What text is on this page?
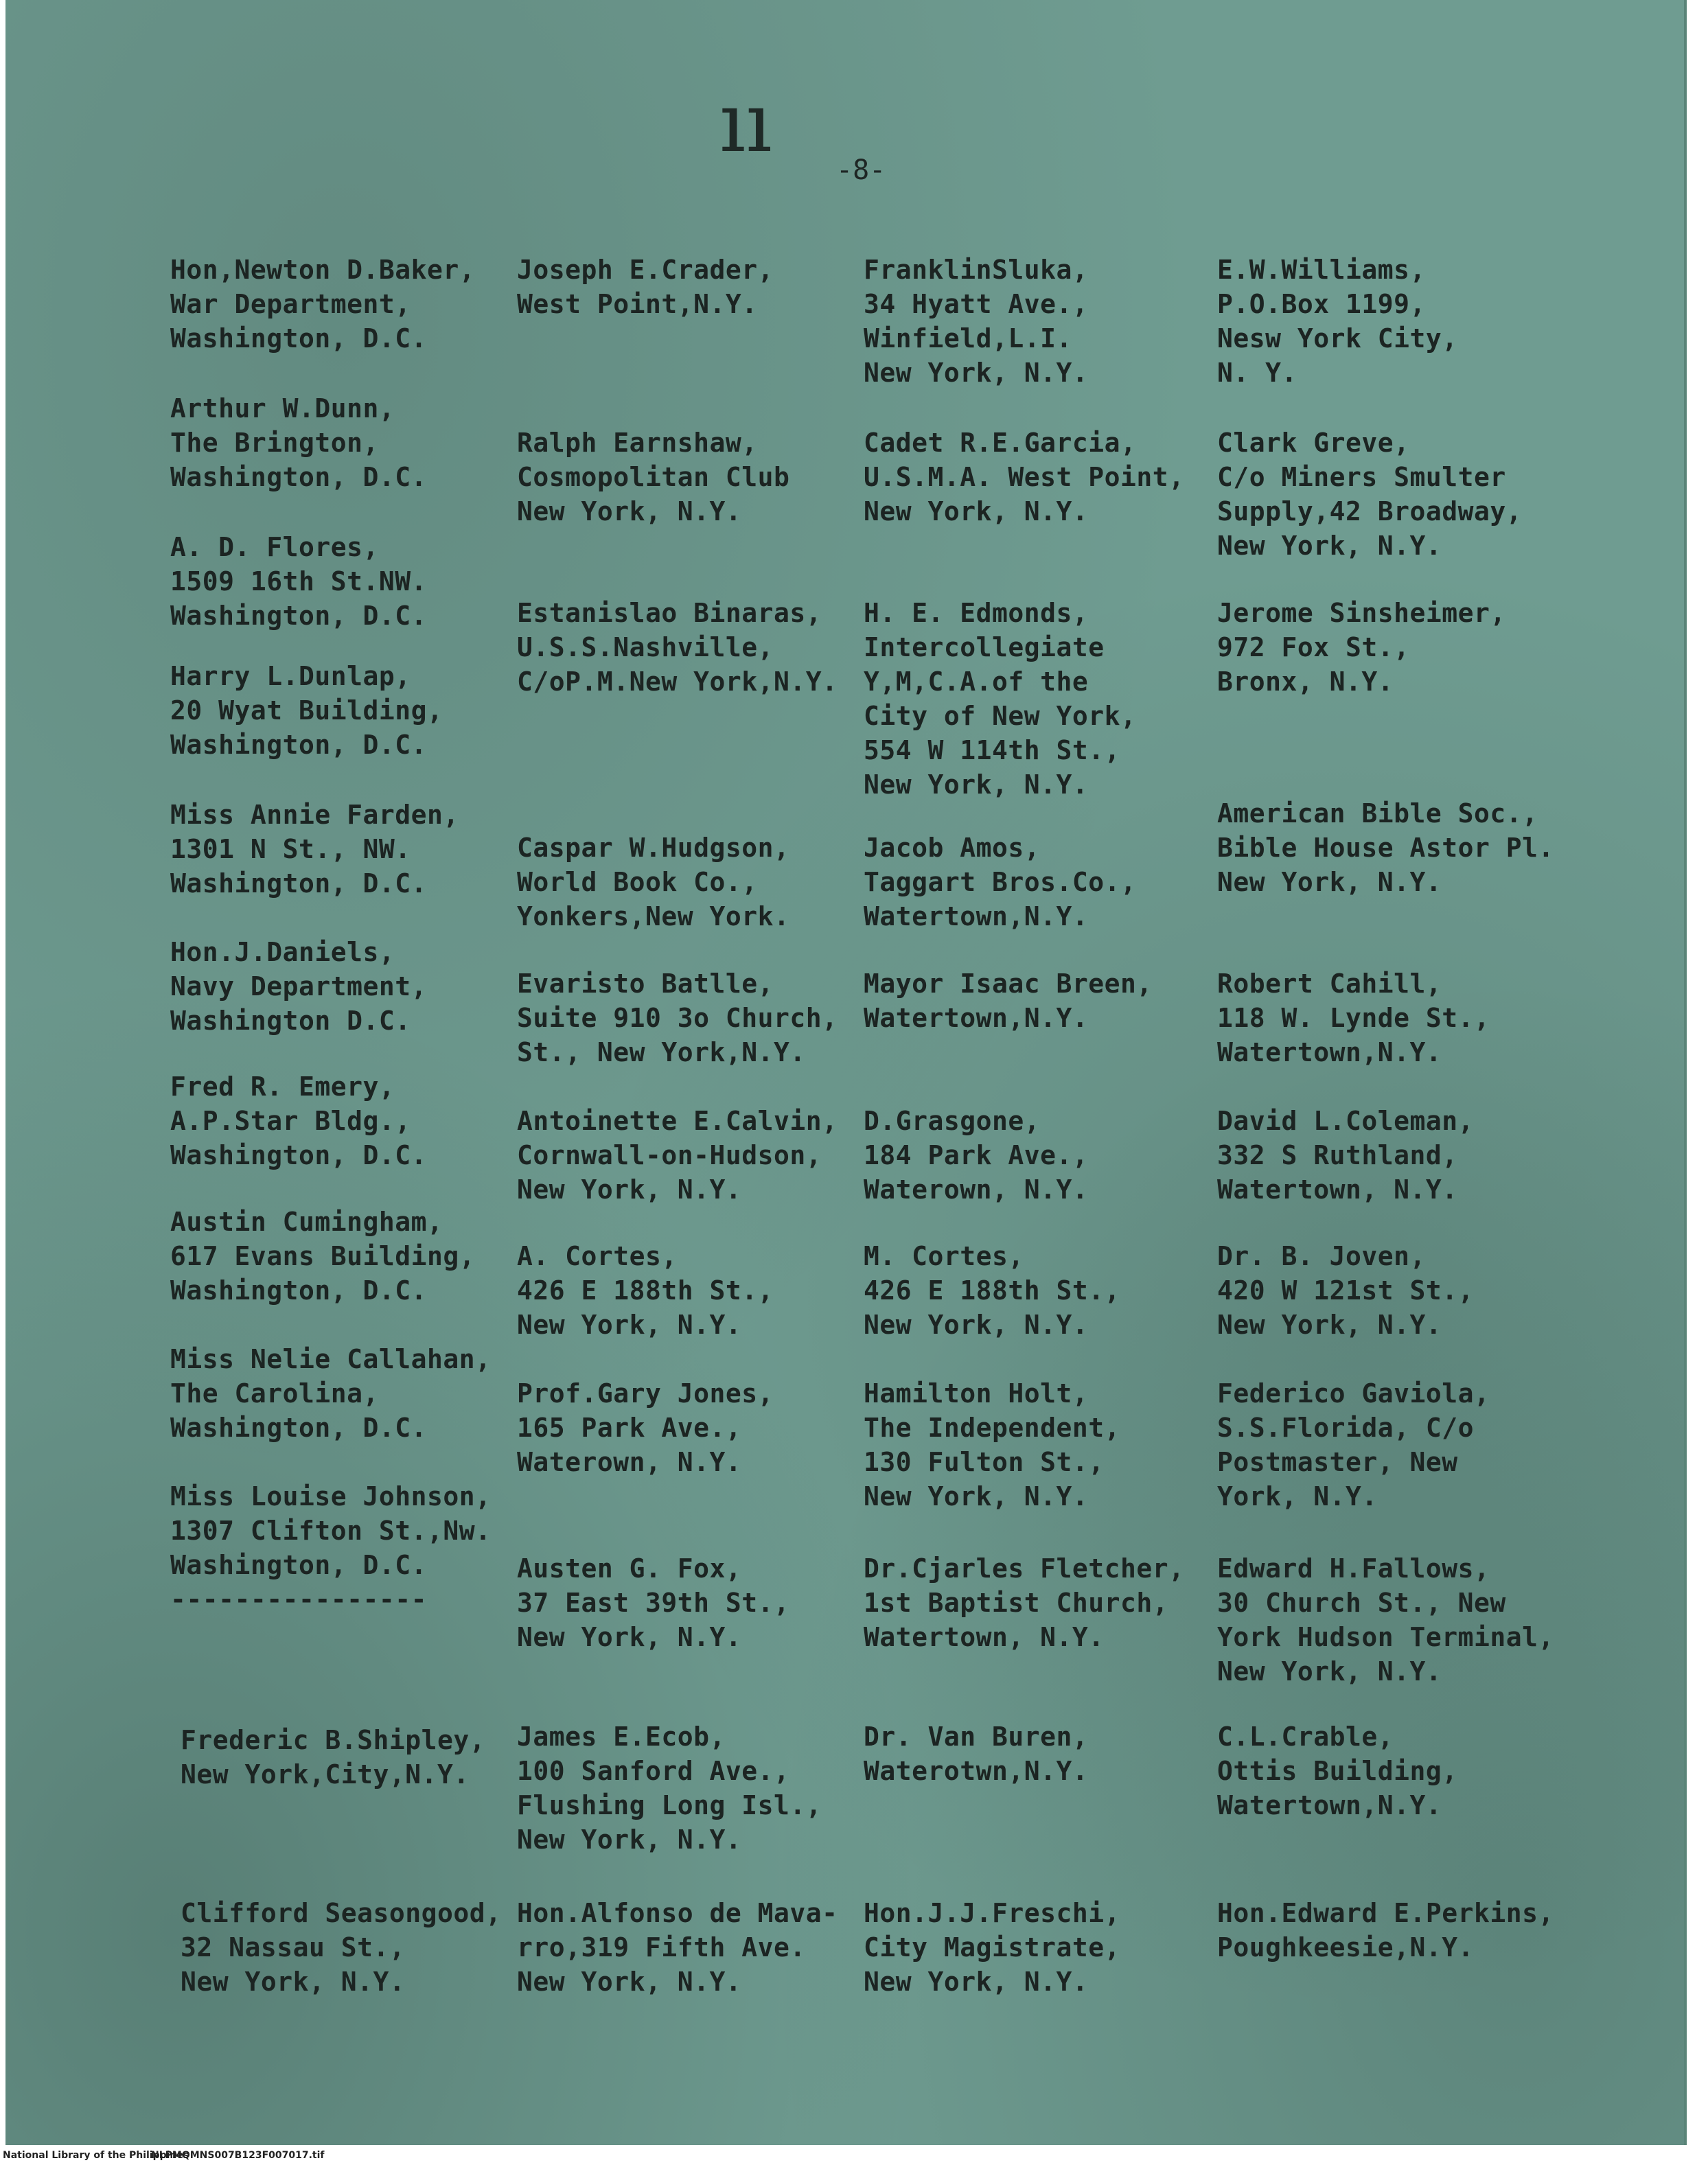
ıı -8-
Hon,Newton D.Baker,
War Department,
Washington, D.C.
Arthur W.Dunn,
The Brington,
Washington, D.C.
A. D. Flores,
1509 16th St.NW.
Washington, D.C.
Harry L.Dunlap,
20 Wyat Building,
Washington, D.C.
Miss Annie Farden,
1301 N St., NW.
Washington, D.C.
Hon.J.Daniels,
Navy Department,
Washington D.C.
Fred R. Emery,
A.P.Star Bldg.,
Washington, D.C.
Austin Cumingham,
617 Evans Building,
Washington, D.C.
Miss Nelie Callahan,
The Carolina,
Washington, D.C.
Miss Louise Johnson,
1307 Clifton St.,Nw.
Washington, D.C.
----------------
Frederic B.Shipley,
New York,City,N.Y.
Clifford Seasongood,
32 Nassau St.,
New York, N.Y.
Joseph E.Crader,
West Point,N.Y.
Ralph Earnshaw,
Cosmopolitan Club
New York, N.Y.
Estanislao Binaras,
U.S.S.Nashville,
C/oP.M.New York,N.Y.
Caspar W.Hudgson,
World Book Co.,
Yonkers,New York.
Evaristo Batlle,
Suite 910 3o Church,
St., New York,N.Y.
Antoinette E.Calvin,
Cornwall-on-Hudson,
New York, N.Y.
A. Cortes,
426 E 188th St.,
New York, N.Y.
Prof.Gary Jones,
165 Park Ave.,
Waterown, N.Y.
Austen G. Fox,
37 East 39th St.,
New York, N.Y.
James E.Ecob,
100 Sanford Ave.,
Flushing Long Isl.,
New York, N.Y.
Hon.Alfonso de Mava-
rro,319 Fifth Ave.
New York, N.Y.
FranklinSluka,
34 Hyatt Ave.,
Winfield,L.I.
New York, N.Y.
Cadet R.E.Garcia,
U.S.M.A. West Point,
New York, N.Y.
H. E. Edmonds,
Intercollegiate
Y,M,C.A.of the
City of New York,
554 W 114th St.,
New York, N.Y.
Jacob Amos,
Taggart Bros.Co.,
Watertown,N.Y.
Mayor Isaac Breen,
Watertown,N.Y.
D.Grasgone,
184 Park Ave.,
Waterown, N.Y.
M. Cortes,
426 E 188th St.,
New York, N.Y.
Hamilton Holt,
The Independent,
130 Fulton St.,
New York, N.Y.
Dr.Cjarles Fletcher,
1st Baptist Church,
Watertown, N.Y.
Dr. Van Buren,
Waterotwn,N.Y.
Hon.J.J.Freschi,
City Magistrate,
New York, N.Y.
E.W.Williams,
P.O.Box 1199,
Nesw York City,
N. Y.
Clark Greve,
C/o Miners Smulter
Supply,42 Broadway,
New York, N.Y.
Jerome Sinsheimer,
972 Fox St.,
Bronx, N.Y.
American Bible Soc.,
Bible House Astor Pl.
New York, N.Y.
Robert Cahill,
118 W. Lynde St.,
Watertown,N.Y.
David L.Coleman,
332 S Ruthland,
Watertown, N.Y.
Dr. B. Joven,
420 W 121st St.,
New York, N.Y.
Federico Gaviola,
S.S.Florida, C/o
Postmaster, New
York, N.Y.
Edward H.Fallows,
30 Church St., New
York Hudson Terminal,
New York, N.Y.
C.L.Crable,
Ottis Building,
Watertown,N.Y.
Hon.Edward E.Perkins,
Poughkeesie,N.Y.
National Library of the Philippines
NLPMQMNS007B123F007017.tif
